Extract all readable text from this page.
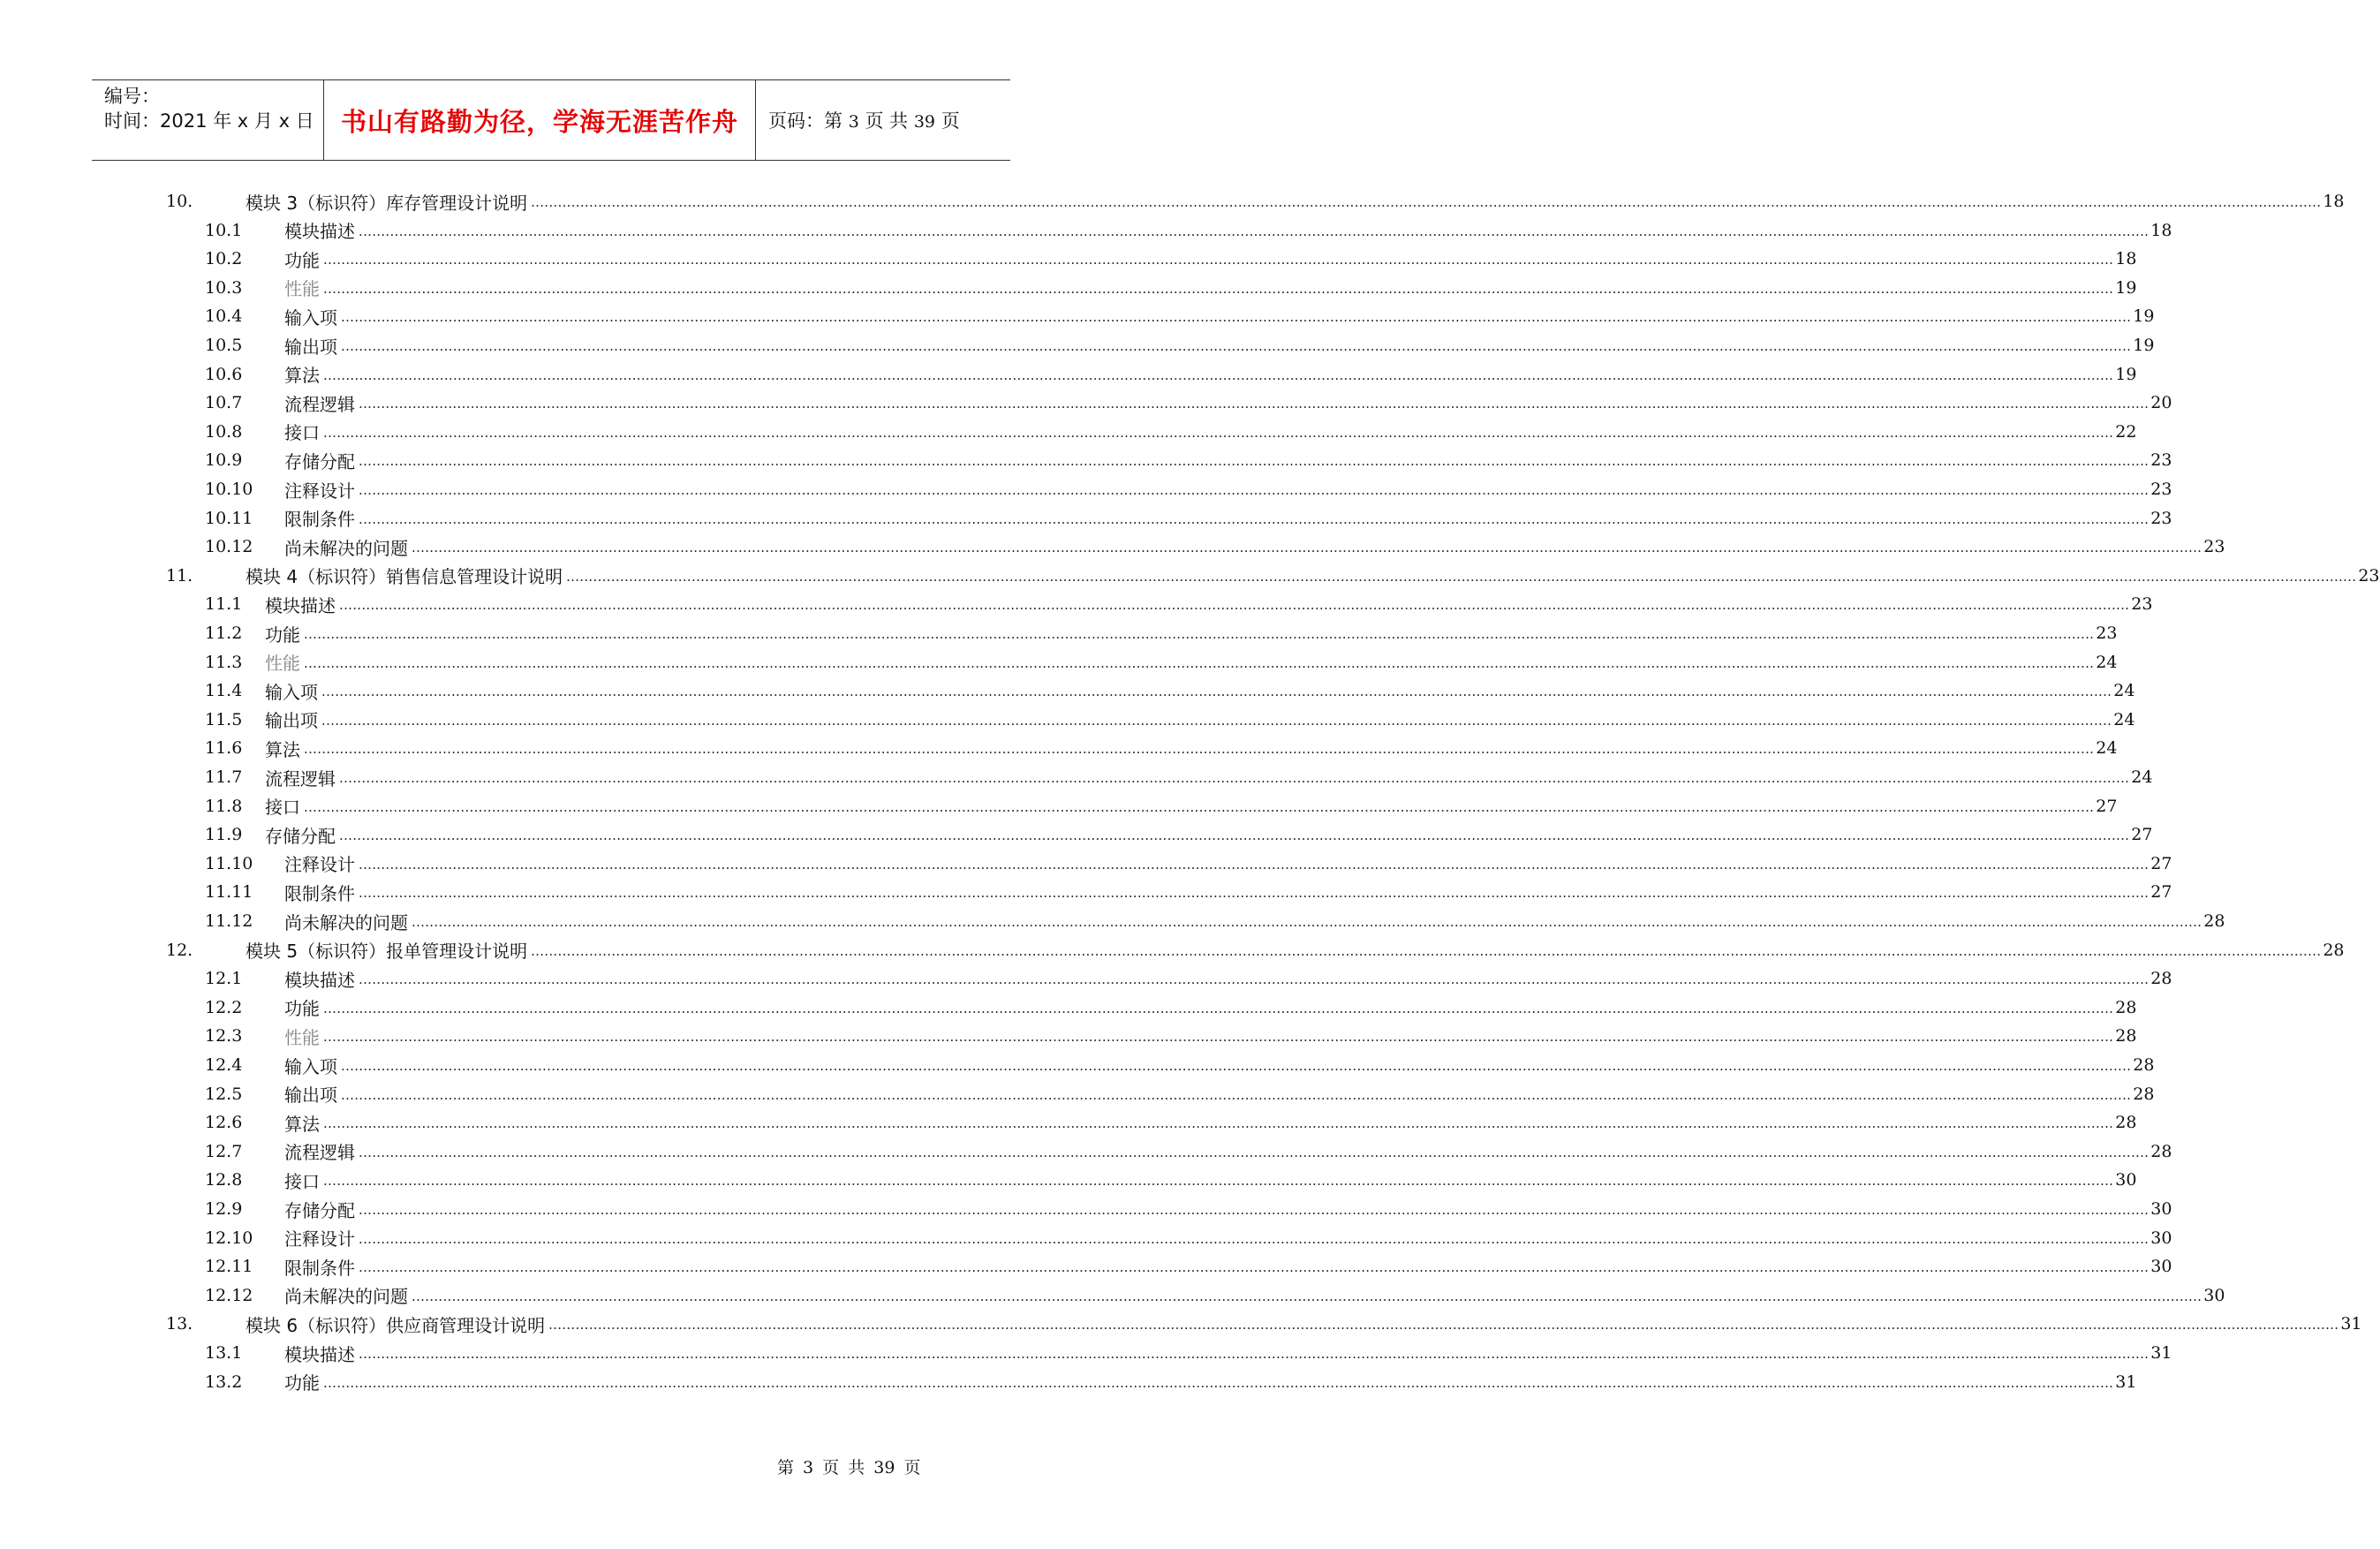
编号：
时间：2021 年 x 月 x 日 书山有路勤为径，学海无涯苦作舟 页码：第 3 页 共 39 页
10.	模块 3（标识符）库存管理设计说明 ................................................................................................................................................................................................................................................................................................................................................................................................................ 18
10.1 模块描述 ................................................................................................................................................................................................................................................................................................................................................................................................................ 18
10.2 功能 ................................................................................................................................................................................................................................................................................................................................................................................................................ 18
10.3 性能 ................................................................................................................................................................................................................................................................................................................................................................................................................ 19
10.4 输入项 ................................................................................................................................................................................................................................................................................................................................................................................................................ 19
10.5 输出项 ................................................................................................................................................................................................................................................................................................................................................................................................................ 19
10.6 算法 ................................................................................................................................................................................................................................................................................................................................................................................................................ 19
10.7 流程逻辑 ................................................................................................................................................................................................................................................................................................................................................................................................................ 20
10.8 接口 ................................................................................................................................................................................................................................................................................................................................................................................................................ 22
10.9 存储分配 ................................................................................................................................................................................................................................................................................................................................................................................................................ 23
10.10 注释设计 ................................................................................................................................................................................................................................................................................................................................................................................................................ 23
10.11 限制条件 ................................................................................................................................................................................................................................................................................................................................................................................................................ 23
10.12 尚未解决的问题 ................................................................................................................................................................................................................................................................................................................................................................................................................ 23
11.	模块 4（标识符）销售信息管理设计说明 ................................................................................................................................................................................................................................................................................................................................................................................................................ 23
11.1 模块描述 ................................................................................................................................................................................................................................................................................................................................................................................................................ 23
11.2 功能 ................................................................................................................................................................................................................................................................................................................................................................................................................ 23
11.3 性能 ................................................................................................................................................................................................................................................................................................................................................................................................................ 24
11.4 输入项 ................................................................................................................................................................................................................................................................................................................................................................................................................ 24
11.5 输出项 ................................................................................................................................................................................................................................................................................................................................................................................................................ 24
11.6 算法 ................................................................................................................................................................................................................................................................................................................................................................................................................ 24
11.7 流程逻辑 ................................................................................................................................................................................................................................................................................................................................................................................................................ 24
11.8 接口 ................................................................................................................................................................................................................................................................................................................................................................................................................ 27
11.9 存储分配 ................................................................................................................................................................................................................................................................................................................................................................................................................ 27
11.10 注释设计 ................................................................................................................................................................................................................................................................................................................................................................................................................ 27
11.11 限制条件 ................................................................................................................................................................................................................................................................................................................................................................................................................ 27
11.12 尚未解决的问题 ................................................................................................................................................................................................................................................................................................................................................................................................................ 28
12.	模块 5（标识符）报单管理设计说明 ................................................................................................................................................................................................................................................................................................................................................................................................................ 28
12.1 模块描述 ................................................................................................................................................................................................................................................................................................................................................................................................................ 28
12.2 功能 ................................................................................................................................................................................................................................................................................................................................................................................................................ 28
12.3 性能 ................................................................................................................................................................................................................................................................................................................................................................................................................ 28
12.4 输入项 ................................................................................................................................................................................................................................................................................................................................................................................................................ 28
12.5 输出项 ................................................................................................................................................................................................................................................................................................................................................................................................................ 28
12.6 算法 ................................................................................................................................................................................................................................................................................................................................................................................................................ 28
12.7 流程逻辑 ................................................................................................................................................................................................................................................................................................................................................................................................................ 28
12.8 接口 ................................................................................................................................................................................................................................................................................................................................................................................................................ 30
12.9 存储分配 ................................................................................................................................................................................................................................................................................................................................................................................................................ 30
12.10 注释设计 ................................................................................................................................................................................................................................................................................................................................................................................................................ 30
12.11 限制条件 ................................................................................................................................................................................................................................................................................................................................................................................................................ 30
12.12 尚未解决的问题 ................................................................................................................................................................................................................................................................................................................................................................................................................ 30
13.	模块 6（标识符）供应商管理设计说明 ................................................................................................................................................................................................................................................................................................................................................................................................................ 31
13.1 模块描述 ................................................................................................................................................................................................................................................................................................................................................................................................................ 31
13.2 功能 ................................................................................................................................................................................................................................................................................................................................................................................................................ 31
第 3 页 共 39 页
